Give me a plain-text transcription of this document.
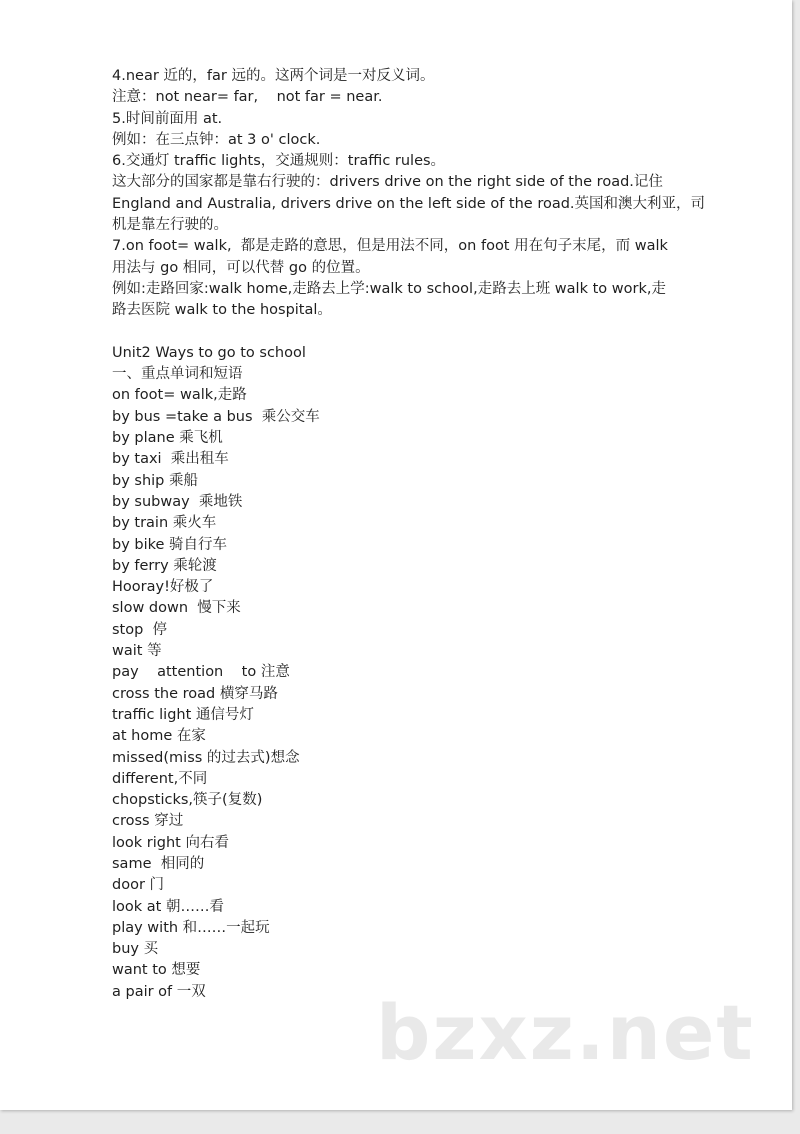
4.near 近的，far 远的。这两个词是一对反义词。
注意：not near= far,    not far = near.
5.时间前面用 at.
例如：在三点钟：at 3 o' clock.
6.交通灯 traffic lights，交通规则：traffic rules。
这大部分的国家都是靠右行驶的：drivers drive on the right side of the road.记住
England and Australia, drivers drive on the left side of the road.英国和澳大利亚，司
机是靠左行驶的。
7.on foot= walk,  都是走路的意思，但是用法不同，on foot 用在句子末尾，而 walk
用法与 go 相同，可以代替 go 的位置。
例如:走路回家:walk home,走路去上学:walk to school,走路去上班 walk to work,走
路去医院 walk to the hospital。
Unit2 Ways to go to school
一、重点单词和短语
on foot= walk,走路
by bus =take a bus  乘公交车
by plane 乘飞机
by taxi  乘出租车
by ship 乘船
by subway  乘地铁
by train 乘火车
by bike 骑自行车
by ferry 乘轮渡
Hooray!好极了
slow down  慢下来
stop  停
wait 等
pay    attention    to 注意
cross the road 横穿马路
traffic light 通信号灯
at home 在家
missed(miss 的过去式)想念
different,不同
chopsticks,筷子(复数)
cross 穿过
look right 向右看
same  相同的
door 门
look at 朝……看
play with 和……一起玩
buy 买
want to 想要
a pair of 一双	bzxz.net
